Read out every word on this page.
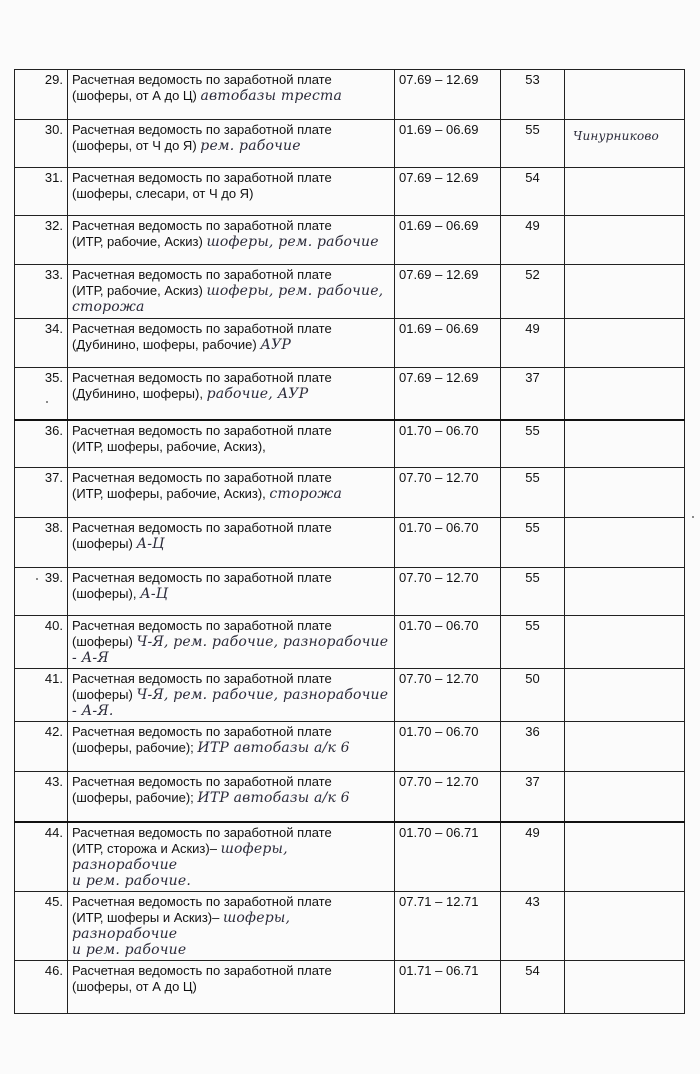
29.	Расчетная ведомость по заработной плате
(шоферы, от А до Ц) автобазы треста	07.69 – 12.69	53	
30.	Расчетная ведомость по заработной плате
(шоферы, от Ч до Я) рем. рабочие	01.69 – 06.69	55	Чинурниково
31.	Расчетная ведомость по заработной плате
(шоферы, слесари, от Ч до Я)	07.69 – 12.69	54	
32.	Расчетная ведомость по заработной плате
(ИТР, рабочие, Аскиз) шоферы, рем. рабочие	01.69 – 06.69	49	
33.	Расчетная ведомость по заработной плате
(ИТР, рабочие, Аскиз) шоферы, рем. рабочие,
сторожа	07.69 – 12.69	52	
34.	Расчетная ведомость по заработной плате
(Дубинино, шоферы, рабочие) АУР	01.69 – 06.69	49	
35.	Расчетная ведомость по заработной плате
(Дубинино, шоферы), рабочие, АУР	07.69 – 12.69	37	
36.	Расчетная ведомость по заработной плате
(ИТР, шоферы, рабочие, Аскиз),	01.70 – 06.70	55	
37.	Расчетная ведомость по заработной плате
(ИТР, шоферы, рабочие, Аскиз), сторожа	07.70 – 12.70	55	
38.	Расчетная ведомость по заработной плате
(шоферы) А-Ц	01.70 – 06.70	55	
39.	Расчетная ведомость по заработной плате
(шоферы), А-Ц	07.70 – 12.70	55	
40.	Расчетная ведомость по заработной плате
(шоферы) Ч-Я, рем. рабочие, разнорабочие - А-Я	01.70 – 06.70	55	
41.	Расчетная ведомость по заработной плате
(шоферы) Ч-Я, рем. рабочие, разнорабочие - А-Я.	07.70 – 12.70	50	
42.	Расчетная ведомость по заработной плате
(шоферы, рабочие); ИТР автобазы а/к 6	01.70 – 06.70	36	
43.	Расчетная ведомость по заработной плате
(шоферы, рабочие); ИТР автобазы а/к 6	07.70 – 12.70	37	
44.	Расчетная ведомость по заработной плате
(ИТР, сторожа и Аскиз)– шоферы, разнорабочие
и рем. рабочие.	01.70 – 06.71	49	
45.	Расчетная ведомость по заработной плате
(ИТР, шоферы и Аскиз)– шоферы, разнорабочие
и рем. рабочие	07.71 – 12.71	43	
46.	Расчетная ведомость по заработной плате
(шоферы, от А до Ц)	01.71 – 06.71	54	
